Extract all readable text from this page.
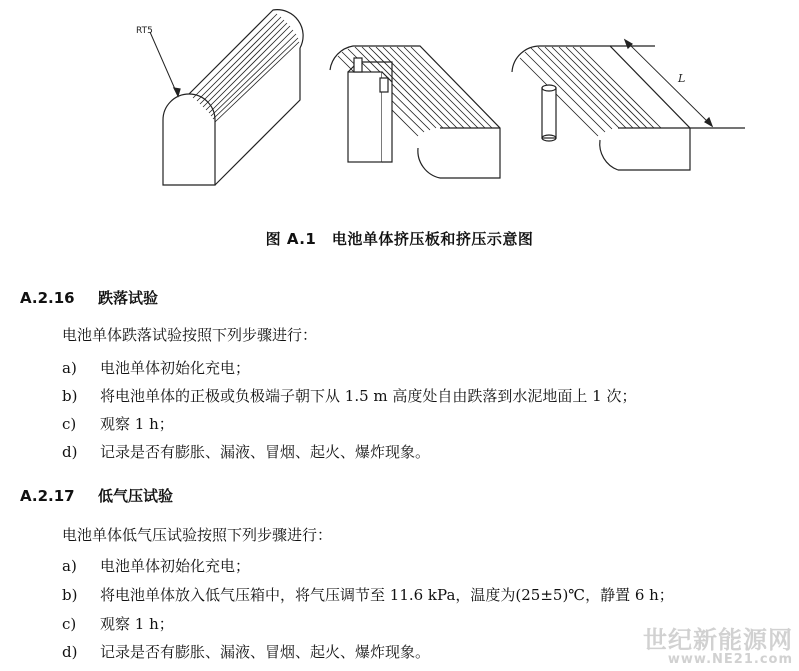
RT5
L
图 A.1　电池单体挤压板和挤压示意图
A.2.16 跌落试验
电池单体跌落试验按照下列步骤进行：
a) 电池单体初始化充电；
b) 将电池单体的正极或负极端子朝下从 1.5 m 高度处自由跌落到水泥地面上 1 次；
c) 观察 1 h；
d) 记录是否有膨胀、漏液、冒烟、起火、爆炸现象。
A.2.17 低气压试验
电池单体低气压试验按照下列步骤进行：
a) 电池单体初始化充电；
b) 将电池单体放入低气压箱中，将气压调节至 11.6 kPa，温度为(25±5)℃，静置 6 h；
c) 观察 1 h；
d) 记录是否有膨胀、漏液、冒烟、起火、爆炸现象。	世纪新能源网
www.NE21.com
